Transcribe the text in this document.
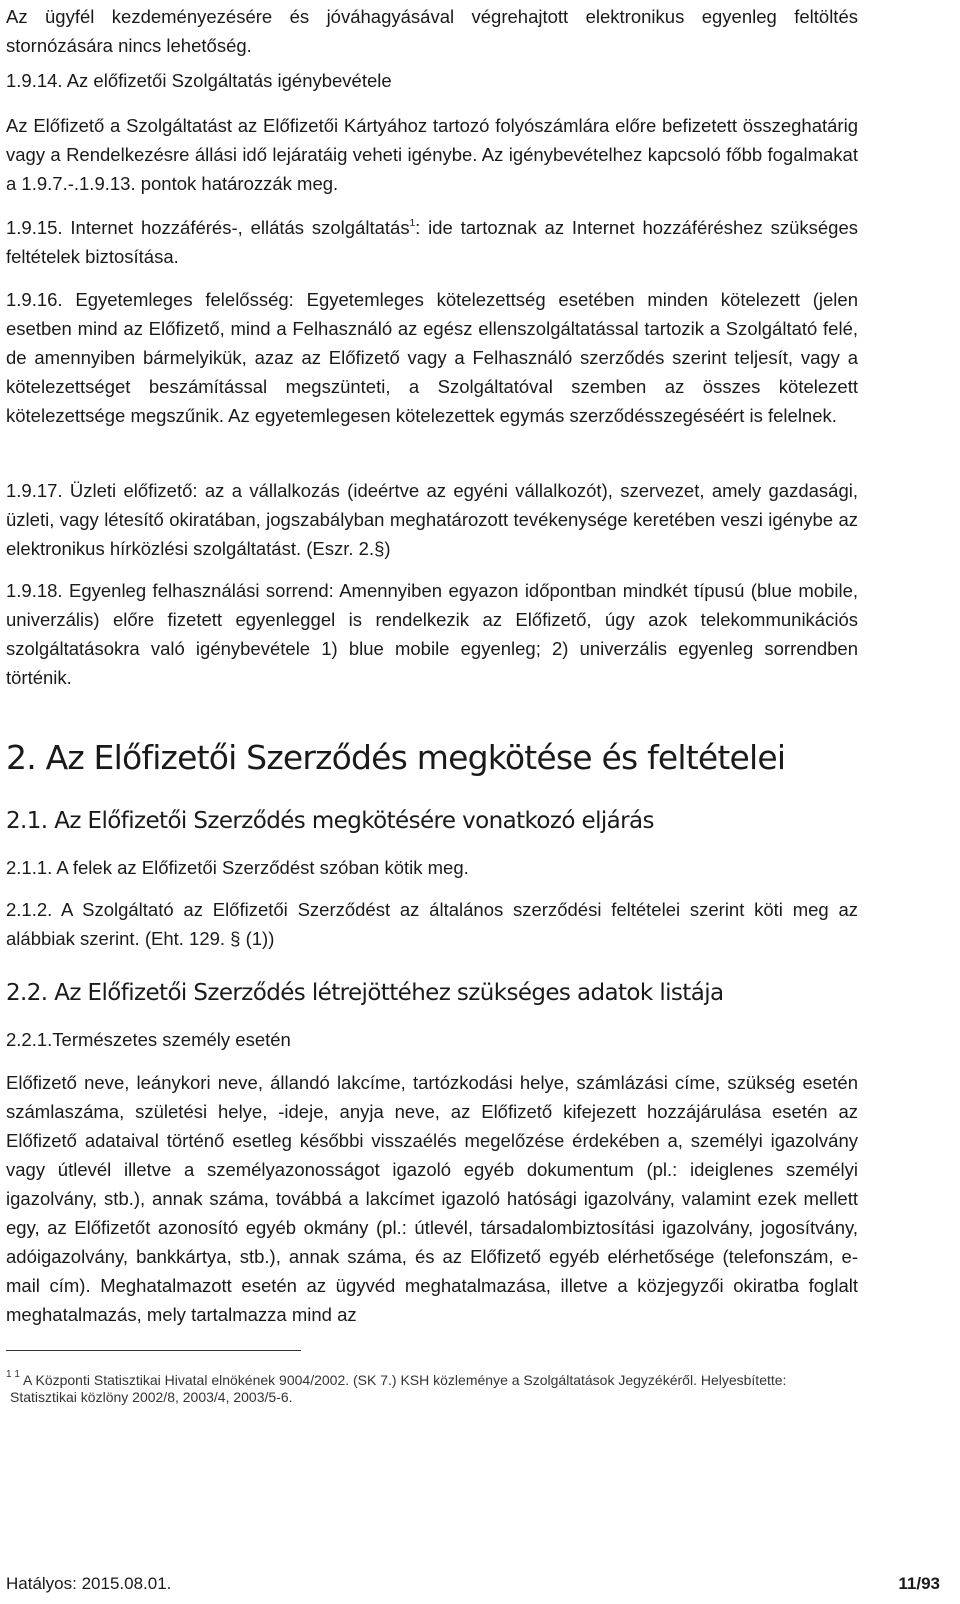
Az ügyfél kezdeményezésére és jóváhagyásával végrehajtott elektronikus egyenleg feltöltés stornózására nincs lehetőség.

1.9.14. Az előfizetői Szolgáltatás igénybevétele

Az Előfizető a Szolgáltatást az Előfizetői Kártyához tartozó folyószámlára előre befizetett összeghatárig vagy a Rendelkezésre állási idő lejáratáig veheti igénybe. Az igénybevételhez kapcsoló főbb fogalmakat a 1.9.7.-.1.9.13. pontok határozzák meg.

1.9.15. Internet hozzáférés-, ellátás szolgáltatás$^1$: ide tartoznak az Internet hozzáféréshez szükséges feltételek biztosítása.

1.9.16. Egyetemleges felelősség: Egyetemleges kötelezettség esetében minden kötelezett (jelen esetben mind az Előfizető, mind a Felhasználó az egész ellenszolgáltatással tartozik a Szolgáltató felé, de amennyiben bármelyikük, azaz az Előfizető vagy a Felhasználó szerződés szerint teljesít, vagy a kötelezettséget beszámítással megszünteti, a Szolgáltatóval szemben az összes kötelezett kötelezettsége megszűnik. Az egyetemlegesen kötelezettek egymás szerződésszegéséért is felelnek.

1.9.17. Üzleti előfizető: az a vállalkozás (ideértve az egyéni vállalkozót), szervezet, amely gazdasági, üzleti, vagy létesítő okiratában, jogszabályban meghatározott tevékenysége keretében veszi igénybe az elektronikus hírközlési szolgáltatást. (Eszr. 2.§)

1.9.18. Egyenleg felhasználási sorrend: Amennyiben egyazon időpontban mindkét típusú (blue mobile, univerzális) előre fizetett egyenleggel is rendelkezik az Előfizető, úgy azok telekommunikációs szolgáltatásokra való igénybevétele 1) blue mobile egyenleg; 2) univerzális egyenleg sorrendben történik.

2. Az Előfizetői Szerződés megkötése és feltételei
2.1. Az Előfizetői Szerződés megkötésére vonatkozó eljárás

2.1.1. A felek az Előfizetői Szerződést szóban kötik meg.

2.1.2. A Szolgáltató az Előfizetői Szerződést az általános szerződési feltételei szerint köti meg az alábbiak szerint. (Eht. 129. § (1))

2.2. Az Előfizetői Szerződés létrejöttéhez szükséges adatok listája

2.2.1.Természetes személy esetén

Előfizető neve, leánykori neve, állandó lakcíme, tartózkodási helye, számlázási címe, szükség esetén számlaszáma, születési helye, -ideje, anyja neve, az Előfizető kifejezett hozzájárulása esetén az Előfizető adataival történő esetleg későbbi visszaélés megelőzése érdekében a, személyi igazolvány vagy útlevél illetve a személyazonosságot igazoló egyéb dokumentum (pl.: ideiglenes személyi igazolvány, stb.), annak száma, továbbá a lakcímet igazoló hatósági igazolvány, valamint ezek mellett egy, az Előfizetőt azonosító egyéb okmány (pl.: útlevél, társadalombiztosítási igazolvány, jogosítvány, adóigazolvány, bankkártya, stb.), annak száma, és az Előfizető egyéb elérhetősége (telefonszám, e-mail cím). Meghatalmazott esetén az ügyvéd meghatalmazása, illetve a közjegyzői okiratba foglalt meghatalmazás, mely tartalmazza mind az

$^{1 1}$ A Központi Statisztikai Hivatal elnökének 9004/2002. (SK 7.) KSH közleménye a Szolgáltatások Jegyzékéről. Helyesbítette:
Statisztikai közlöny 2002/8, 2003/4, 2003/5-6.
Hatályos: 2015.08.01.	11/93
